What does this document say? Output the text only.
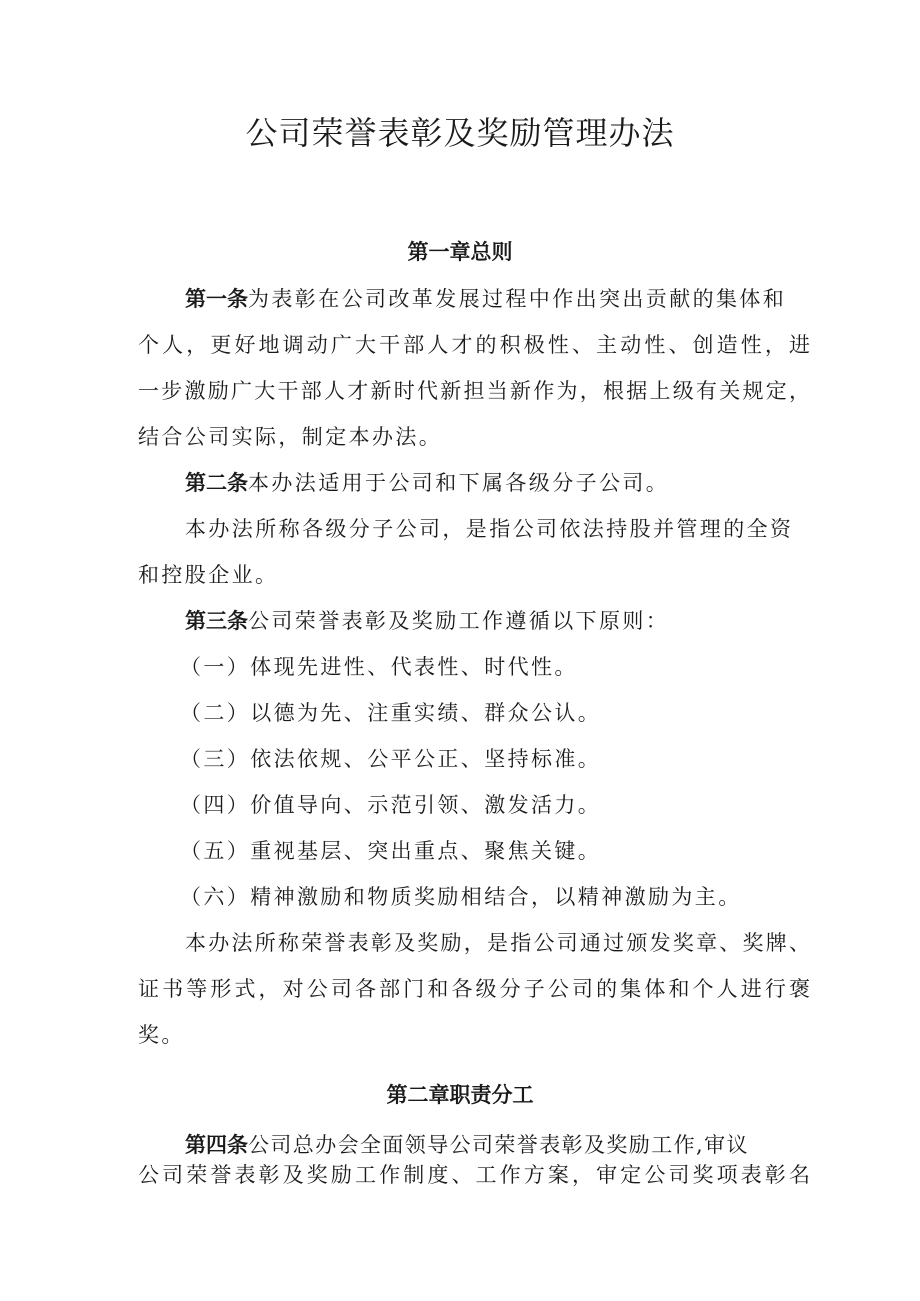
公司荣誉表彰及奖励管理办法
第一章总则

第一条为表彰在公司改革发展过程中作出突出贡献的集体和

个人，更好地调动广大干部人才的积极性、主动性、创造性，进

一步激励广大干部人才新时代新担当新作为，根据上级有关规定，

结合公司实际，制定本办法。

第二条本办法适用于公司和下属各级分子公司。

本办法所称各级分子公司，是指公司依法持股并管理的全资

和控股企业。

第三条公司荣誉表彰及奖励工作遵循以下原则：

（一）体现先进性、代表性、时代性。

（二）以德为先、注重实绩、群众公认。

（三）依法依规、公平公正、坚持标准。

（四）价值导向、示范引领、激发活力。

（五）重视基层、突出重点、聚焦关键。

（六）精神激励和物质奖励相结合，以精神激励为主。

本办法所称荣誉表彰及奖励，是指公司通过颁发奖章、奖牌、

证书等形式，对公司各部门和各级分子公司的集体和个人进行褒

奖。

第二章职责分工

第四条公司总办会全面领导公司荣誉表彰及奖励工作,审议

公司荣誉表彰及奖励工作制度、工作方案，审定公司奖项表彰名
